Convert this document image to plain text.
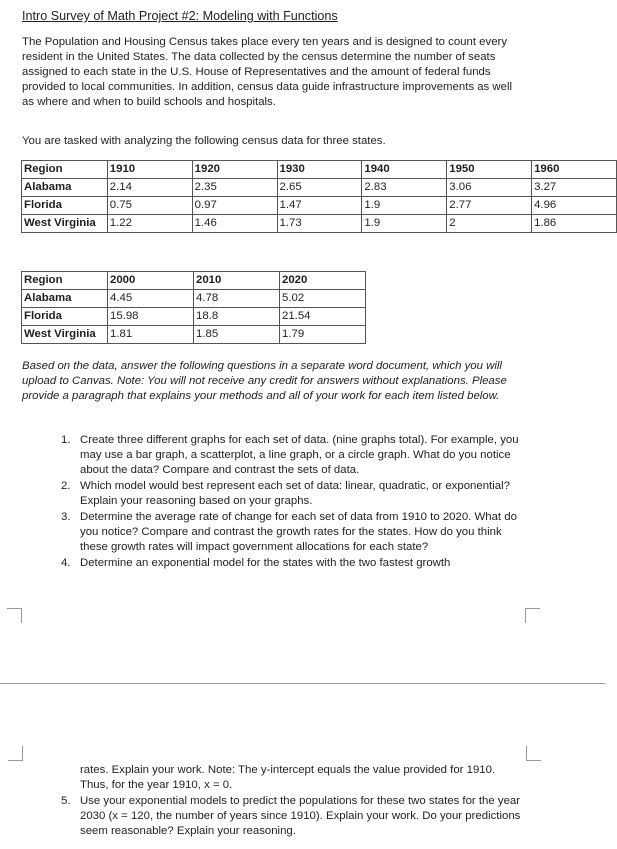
Intro Survey of Math Project #2: Modeling with Functions

The Population and Housing Census takes place every ten years and is designed to count every resident in the United States. The data collected by the census determine the number of seats assigned to each state in the U.S. House of Representatives and the amount of federal funds provided to local communities. In addition, census data guide infrastructure improvements as well as where and when to build schools and hospitals.

You are tasked with analyzing the following census data for three states.

Region	1910	1920	1930	1940	1950	1960
Alabama	2.14	2.35	2.65	2.83	3.06	3.27
Florida	0.75	0.97	1.47	1.9	2.77	4.96
West Virginia	1.22	1.46	1.73	1.9	2	1.86
Region	2000	2010	2020
Alabama	4.45	4.78	5.02
Florida	15.98	18.8	21.54
West Virginia	1.81	1.85	1.79

Based on the data, answer the following questions in a separate word document, which you will upload to Canvas. Note: You will not receive any credit for answers without explanations. Please provide a paragraph that explains your methods and all of your work for each item listed below.

1. Create three different graphs for each set of data. (nine graphs total). For example, you may use a bar graph, a scatterplot, a line graph, or a circle graph. What do you notice about the data? Compare and contrast the sets of data.
2. Which model would best represent each set of data: linear, quadratic, or exponential? Explain your reasoning based on your graphs.
3. Determine the average rate of change for each set of data from 1910 to 2020. What do you notice? Compare and contrast the growth rates for the states. How do you think these growth rates will impact government allocations for each state?
4. Determine an exponential model for the states with the two fastest growth
rates. Explain your work. Note: The y-intercept equals the value provided for 1910. Thus, for the year 1910, x = 0.
5. Use your exponential models to predict the populations for these two states for the year 2030 (x = 120, the number of years since 1910). Explain your work. Do your predictions seem reasonable? Explain your reasoning.
